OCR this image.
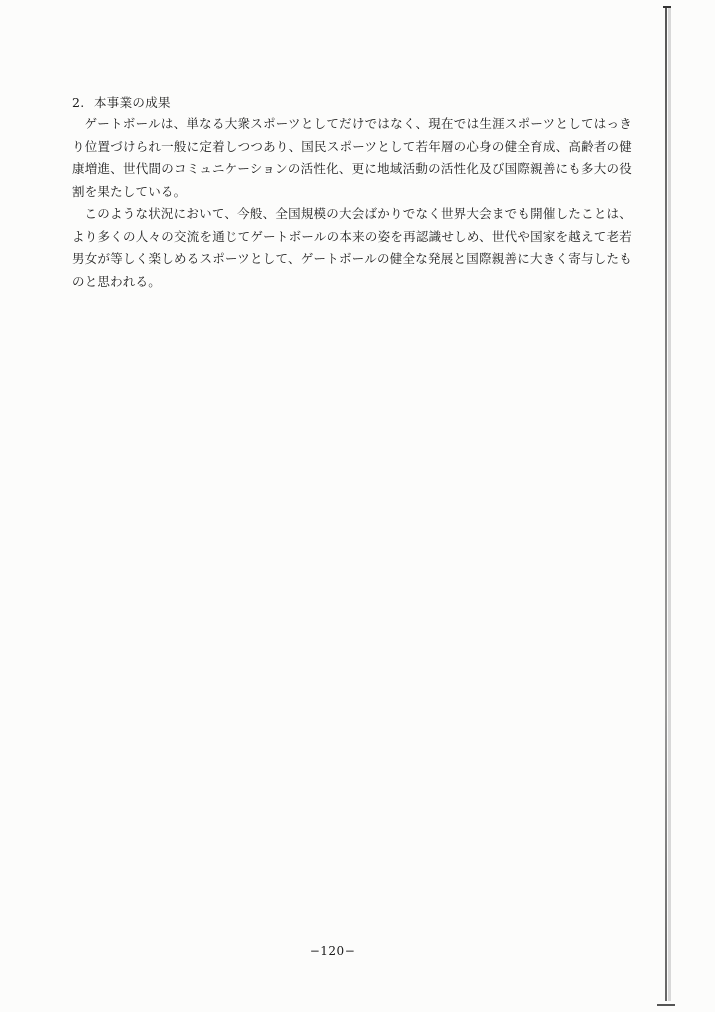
2. 本事業の成果

ゲートボールは、単なる大衆スポーツとしてだけではなく、現在では生涯スポーツとしてはっきり位置づけられ一般に定着しつつあり、国民スポーツとして若年層の心身の健全育成、高齢者の健康増進、世代間のコミュニケーションの活性化、更に地域活動の活性化及び国際親善にも多大の役割を果たしている。

このような状況において、今般、全国規模の大会ばかりでなく世界大会までも開催したことは、より多くの人々の交流を通じてゲートボールの本来の姿を再認識せしめ、世代や国家を越えて老若男女が等しく楽しめるスポーツとして、ゲートボールの健全な発展と国際親善に大きく寄与したものと思われる。

−120−
